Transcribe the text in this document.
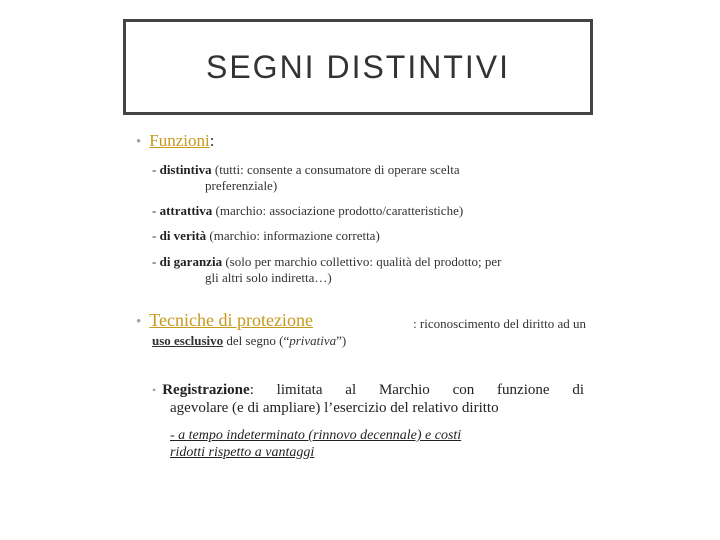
SEGNI DISTINTIVI
• Funzioni:
- distintiva (tutti: consente a consumatore di operare scelta
preferenziale)
- attrattiva (marchio: associazione prodotto/caratteristiche)
- di verità (marchio: informazione corretta)
- di garanzia (solo per marchio collettivo: qualità del prodotto; per
gli altri solo indiretta…)
• Tecniche di protezione	: riconoscimento del diritto ad un
uso esclusivo del segno (“privativa”)
• Registrazione: limitata al Marchio con funzione di
agevolare (e di ampliare) l’esercizio del relativo diritto
- a tempo indeterminato (rinnovo decennale) e costi
ridotti rispetto a vantaggi
